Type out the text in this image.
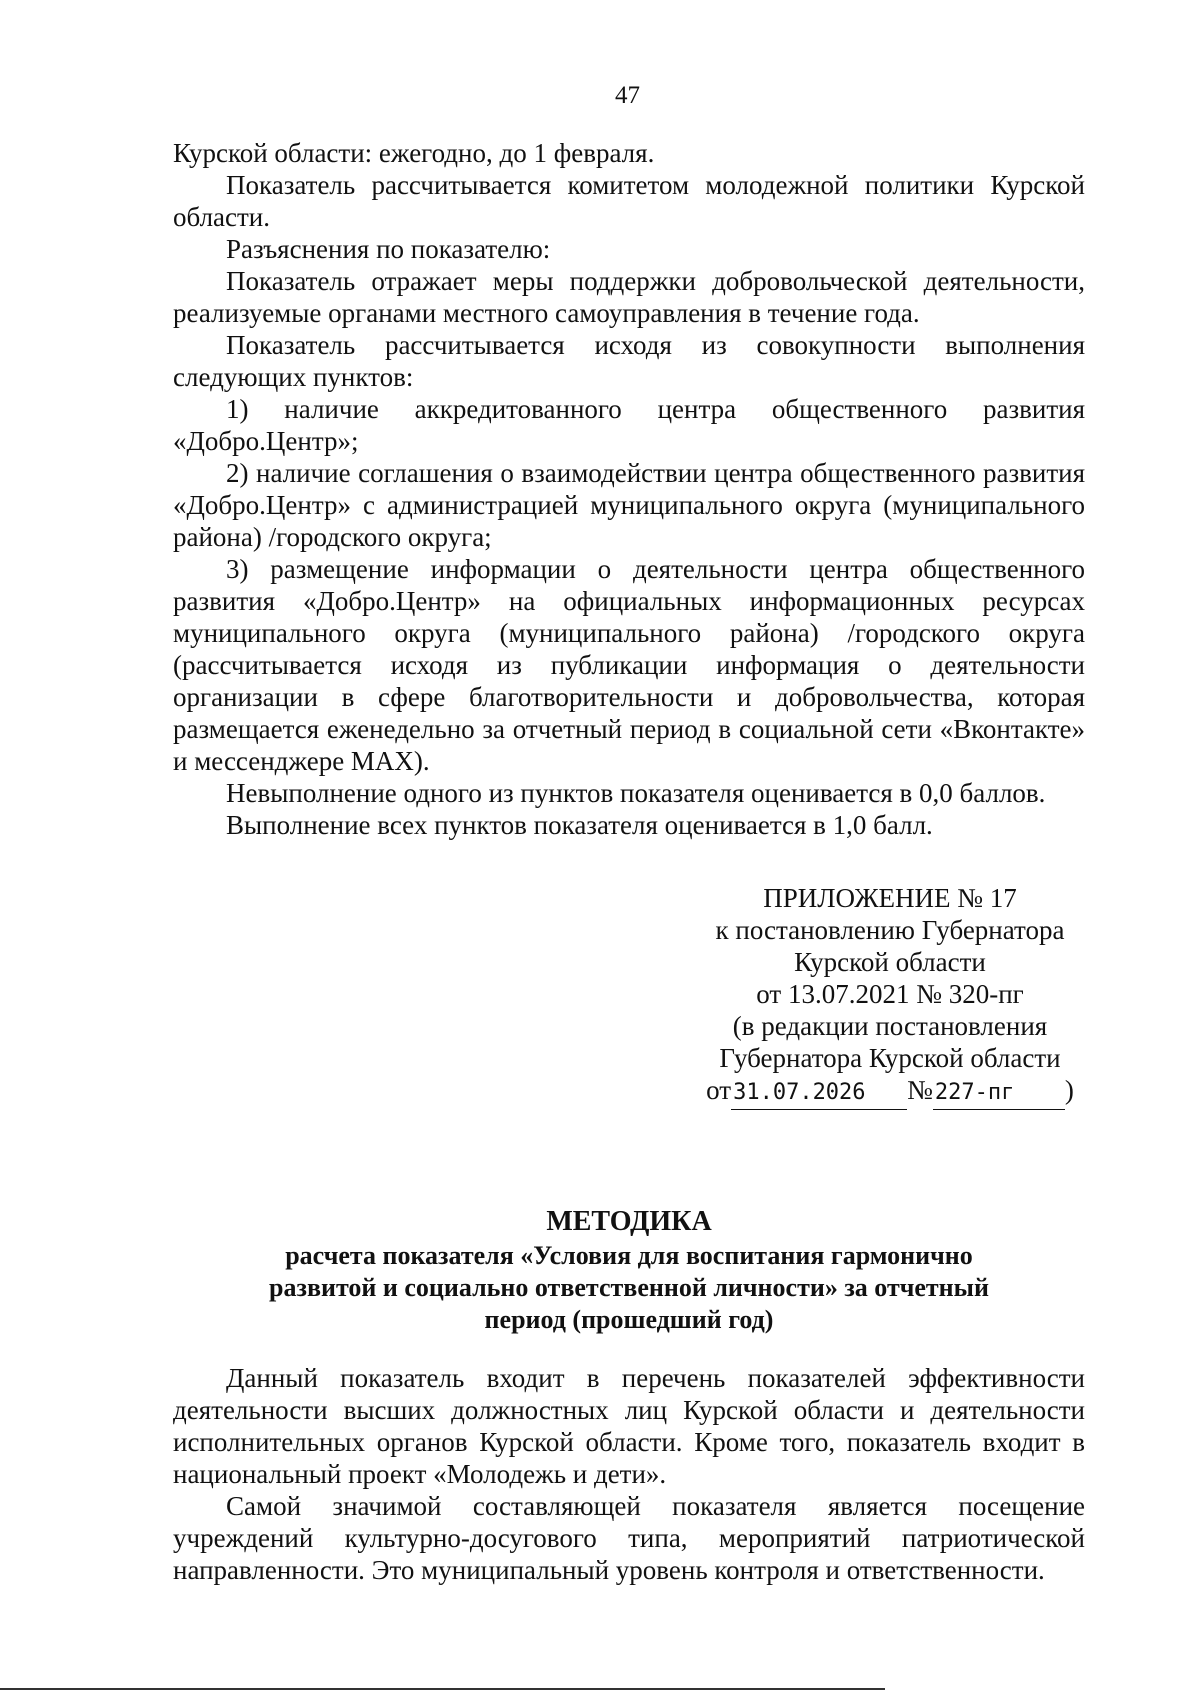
47

Курской области: ежегодно, до 1 февраля.

Показатель рассчитывается комитетом молодежной политики Курской области.

Разъяснения по показателю:

Показатель отражает меры поддержки добровольческой деятельности, реализуемые органами местного самоуправления в течение года.

Показатель рассчитывается исходя из совокупности выполнения следующих пунктов:

1) наличие аккредитованного центра общественного развития «Добро.Центр»;

2) наличие соглашения о взаимодействии центра общественного развития «Добро.Центр» с администрацией муниципального округа (муниципального района) /городского округа;

3) размещение информации о деятельности центра общественного развития «Добро.Центр» на официальных информационных ресурсах муниципального округа (муниципального района) /городского округа (рассчитывается исходя из публикации информация о деятельности организации в сфере благотворительности и добровольчества, которая размещается еженедельно за отчетный период в социальной сети «Вконтакте» и мессенджере MAX).

Невыполнение одного из пунктов показателя оценивается в 0,0 баллов.

Выполнение всех пунктов показателя оценивается в 1,0 балл.

ПРИЛОЖЕНИЕ № 17
к постановлению Губернатора
Курской области
от 13.07.2021 № 320-пг
(в редакции постановления
Губернатора Курской области
от31.07.2026 №227-пг )
МЕТОДИКА
расчета показателя «Условия для воспитания гармонично
развитой и социально ответственной личности» за отчетный
период (прошедший год)

Данный показатель входит в перечень показателей эффективности деятельности высших должностных лиц Курской области и деятельности исполнительных органов Курской области. Кроме того, показатель входит в национальный проект «Молодежь и дети».

Самой значимой составляющей показателя является посещение учреждений культурно-досугового типа, мероприятий патриотической направленности. Это муниципальный уровень контроля и ответственности.
